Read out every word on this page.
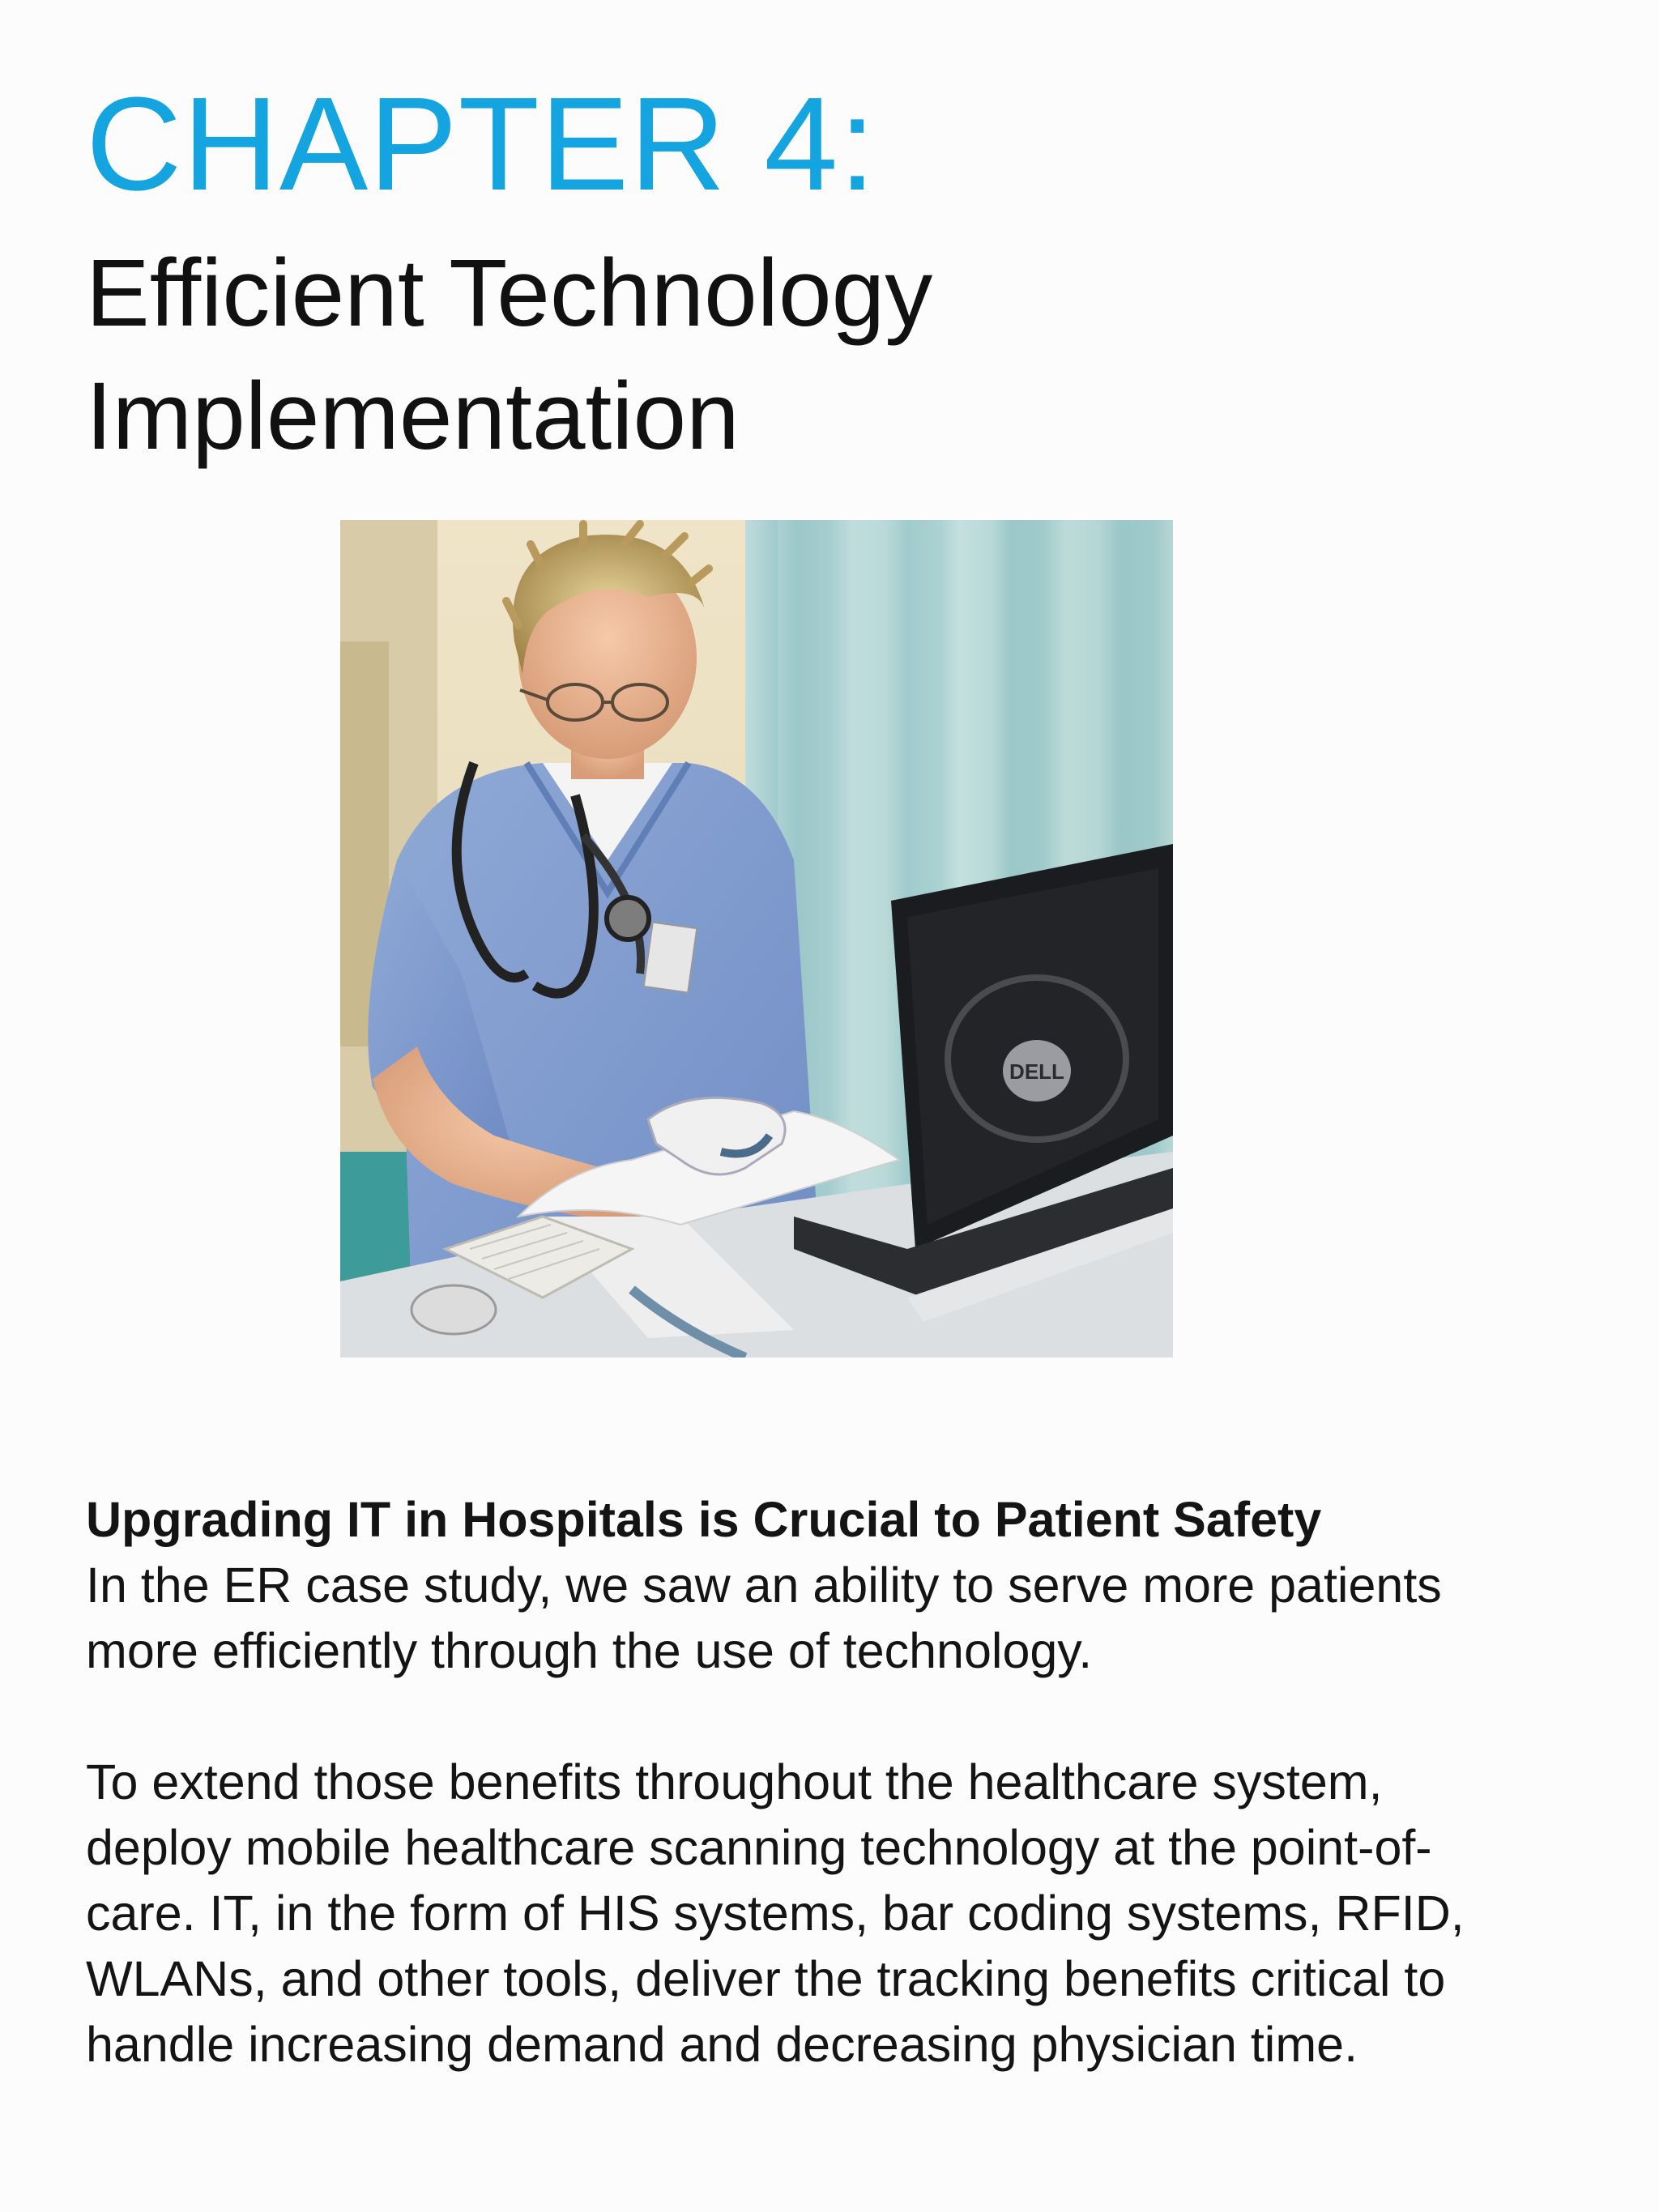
CHAPTER 4:
Efficient Technology
Implementation
DELL
Upgrading IT in Hospitals is Crucial to Patient Safety

In the ER case study, we saw an ability to serve more patients
more efficiently through the use of technology.

To extend those benefits throughout the healthcare system,
deploy mobile healthcare scanning technology at the point-of-
care. IT, in the form of HIS systems, bar coding systems, RFID,
WLANs, and other tools, deliver the tracking benefits critical to
handle increasing demand and decreasing physician time.
